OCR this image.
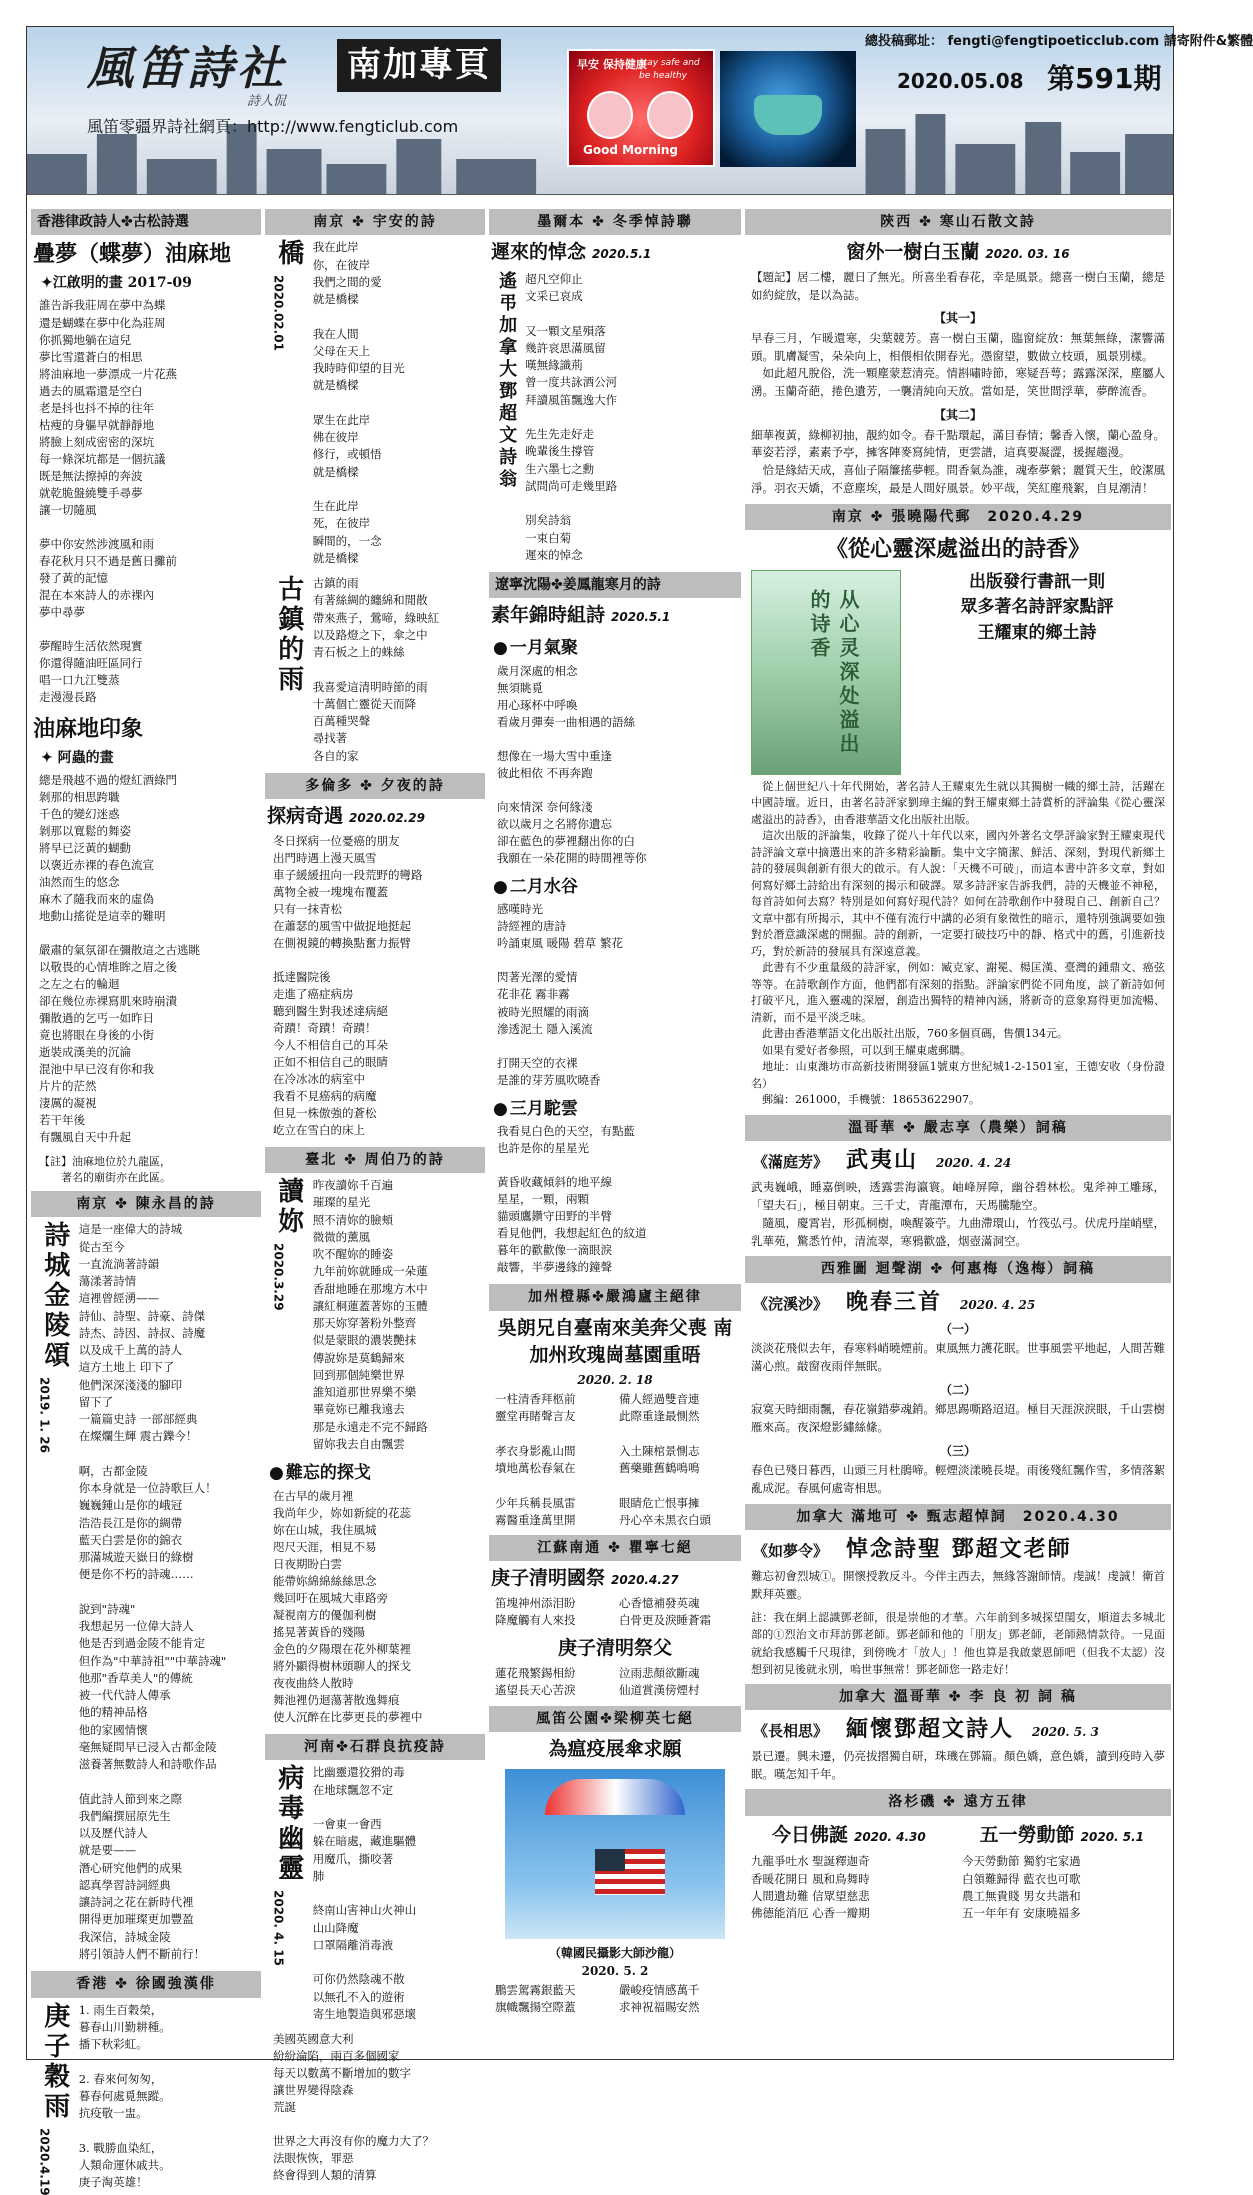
風笛詩社
詩人侃
南加專頁
風笛零疆界詩社網頁：http://www.fengticlub.com
早安 保持健康
stay safe and be healthy
Good Morning
總投稿郵址： fengti@fengtipoeticclub.com 請寄附件&繁體
2020.05.08 第591期
香港律政詩人✤古松詩選
疊夢（蝶夢）油麻地
✦江啟明的畫 2017-09
誰告訴我莊周在夢中為蝶
還是蝴蝶在夢中化為莊周
你抓獨地躺在這兒
夢比雪還蒼白的相思
將油麻地一夢漂成一片花燕
過去的風霜還是空白
老是抖也抖不掉的往年
枯瘦的身軀早就靜靜地
將臉上刻成密密的深坑
每一條深坑都是一個抗議
既是無法擦掉的奔波
就乾脆盤繞雙手尋夢
讓一切隨風

夢中你安然涉渡風和雨
春花秋月只不過是舊日攤前
發了黃的記憶
混在本來詩人的赤裸內
夢中尋夢

夢醒時生活依然現實
你還得隨油旺區同行
唱一口九江雙蒸
走漫漫長路
油麻地印象
✦ 阿蟲的畫
總是飛越不過的燈紅酒綠門
剝那的相思跨職
千色的變幻迷惑
剝那以寬鬆的舞姿
將早已泛黃的蝴動
以褒近赤裸的春色流宣
油然而生的悠念
麻木了隨我而來的虛偽
地動山搖從是這幸的難明

嚴肅的氣氛卻在彌散這之古逃眺
以敬畏的心情堆眸之眉之後
之左之右的輪迴
卻在幾位赤裸寫肌來時崩潰
彌散過的乞丐一如昨日
竟也將眼在身後的小街
逝裝成漢美的沉淪
混池中早已沒有你和我
片片的茫然
淒厲的凝視
若干年後
有飄風自天中升起
【註】油麻地位於九龍區，
　　著名的廟街亦在此區。
南京 ✤ 陳永昌的詩
詩城金陵頌
2019. 1. 26
這是一座偉大的詩城
從古至今
一直流淌著詩韻
蕩漾著詩情
這裡曾經湧——
詩仙、詩聖、詩豪、詩傑
詩杰、詩因、詩叔、詩魔
以及成千上萬的詩人
這方土地上 印下了
他們深深淺淺的腳印
留下了
一篇篇史詩 一部部經典
在燦爛生輝 震古鑠今！

啊，古都金陵
你本身就是一位詩歌巨人！
巍巍鍾山是你的峨冠
浩浩長江是你的綢帶
藍天白雲是你的錦衣
那滿城遊天嶽日的綠樹
便是你不朽的詩魂……

說到"詩魂"
我想起另一位偉大詩人
他是否到過金陵不能肯定
但作為"中華詩祖""中華詩魂"
他那"香草美人"的傳統
被一代代詩人傳承
他的精神品格
他的家國情懷
毫無疑問早已浸入古都金陵
滋養著無數詩人和詩歌作品

值此詩人節到來之際
我們編撰屈原先生
以及歷代詩人
就是要——
潛心研究他們的成果
認真學習詩詞經典
讓詩詞之花在新時代裡
開得更加璀璨更加豐盈
我深信，詩城金陵
將引領詩人們不斷前行！
香港 ✤ 徐國強漢俳
庚子穀雨
2020.4.19
1. 雨生百穀榮，
暮春山川勤耕種。
播下秋彩虹。

2. 春來何匆匆，
暮春何處覓無蹤。
抗疫敬一盅。

3. 戰勝血染紅，
人類命運休戚共。
庚子淘英雄！
南京 ✤ 宇安的詩
橋
2020.02.01
我在此岸
你，在彼岸
我們之間的愛
就是橋樑

我在人間
父母在天上
我時時仰望的目光
就是橋樑

眾生在此岸
佛在彼岸
修行，或頓悟
就是橋樑

生在此岸
死，在彼岸
瞬間的，一念
就是橋樑
古鎮的雨 古鎮的雨
有著絲綢的纏綿和閒散
帶來燕子，鶯啼，綠映紅
以及路燈之下，傘之中
青石板之上的蛛絲

我喜愛這清明時節的雨
十萬個亡靈從天而降
百萬種哭聲
尋找著
各自的家
多倫多 ✤ 夕夜的詩
探病奇遇 2020.02.29
冬日探病一位憂癌的朋友
出門時遇上漫天風雪
車子緩緩扭向一段荒野的彎路
萬物全被一塊塊布覆蓋
只有一抹青松
在蕭瑟的風雪中做捉地挺起
在側視鏡的轉換點奮力振臂

抵達醫院後
走進了癌症病房
聽到醫生對我述達病絕
奇蹟！奇蹟！奇蹟！
今人不相信自己的耳朵
正如不相信自己的眼睛
在冷冰冰的病室中
我看不見癌病的病魔
但見一株傲強的蒼松
屹立在雪白的床上
臺北 ✤ 周伯乃的詩
讀妳
2020.3.29
昨夜讀妳千百遍
璀璨的星光
照不清妳的臉頰
微微的薰風
吹不醒妳的睡姿
九年前妳就睡成一朵蓮
香甜地睡在那塊方木中
讓紅桐蓮蓋著妳的玉體
那天妳穿著粉外整齊
似是蒙眼的濃裝艷抹
傳說妳是莫鶴歸來
回到那個純樂世界
誰知道那世界樂不樂
畢竟妳已離我遠去
那是永遠走不完不歸路
留妳我去自由飄雲
● 難忘的探戈
在古早的歲月裡
我尚年少，妳如新綻的花蕊
妳在山城，我住風城
咫尺天涯，相見不易
日夜期盼白雲
能帶妳綿綿絲絲思念
幾回吁在風城大車路旁
凝視南方的優伽利樹
搖晃著黃昏的殘陽
金色的夕陽環在花外柳葉裡
將外顯得樹林頭聊人的探戈
夜夜曲終人散時
舞池裡仍迴蕩著散逸舞痕
使人沉醉在比夢更長的夢裡中
河南✤石群良抗疫詩
病毒幽靈
2020. 4. 15
比幽靈還狡猾的毒
在地球飄忽不定

一會東一會西
躲在暗處，藏進驅體
用魔爪，撕咬著
肺

終南山害神山火神山
山山降魔
口罩隔離消毒液

可你仍然陰魂不散
以無孔不入的遊術
寄生地製造與邪惡壞
美國英國意大利
紛紛淪陷，兩百多個國家
每天以數萬不斷增加的數字
讓世界變得陰森
荒誕

世界之大再沒有你的魔力大了？
法眼恢恢，罪惡
終會得到人類的清算
墨爾本 ✤ 冬季悼詩聯
遲來的悼念 2020.5.1
遙弔加拿大鄧超文詩翁 超凡空仰止
文采已哀成

又一顆文星殞落
幾許哀思滿風留
嘆無緣識荊
曾一度共詠酒公河
拜讀風笛飄逸大作

先生先走好走
晚輩後生撐管
生六墨七之勳
試問尚可走幾里路

別矣詩翁
一束白菊
遲來的悼念
遼寧沈陽✤姜鳳龍寒月的詩
素年錦時組詩 2020.5.1
● 一月氣聚
歲月深處的相念
無須眺覓
用心琢杯中呼喚
看歲月彈奏一曲相遇的語絲

想像在一場大雪中重逢
彼此相依 不再奔跑

向來情深 奈何緣淺
欲以歲月之名將你遺忘
卻在藍色的夢裡翻出你的白
我願在一朵花開的時間裡等你
● 二月水谷
感嘆時光
詩經裡的唐詩
吟誦東風 暖陽 碧草 繁花

閃著光澤的愛情
花非花 霧非霧
被時光照耀的雨滴
滲透泥土 隱入溪流

打開天空的衣裸
是誰的芽芳風吹曉香
● 三月駝雲
我看見白色的天空，有點藍
也許是你的星星光

黃昏收藏傾斜的地平線
星星，一顆，兩顆
貓頭鷹鑽守田野的半臂
看見他們，我想起紅色的紋道
暮年的歡歡像一滴眼淚
敲響，半夢邊緣的鐘聲
加州橙縣✤嚴鴻廬主絕律
吳朗兄自臺南來美奔父喪 南加州玫瑰崗墓園重晤
2020. 2. 18
一柱清香拜柩前
靈堂再睹聲言友

孝衣身影亂山間
墳地萬松春氣在

少年兵稱長風雷
霧醫重逢萬里開
備人經過雙音連
此際重逢最惻然

入土陳棺景惻志
舊藥雖舊鶴鳴鳴

眼睛危亡恨事擁
丹心卒未黑衣白頭
江蘇南通 ✤ 瞿寧七絕
庚子清明國祭 2020.4.27
笛塊神州添泪盼
降魔觸有人來投
心香憶補發英魂
白骨更及淚睡蒼霜
庚子清明祭父
蓮花飛繁錫相紛
遙望長天心苦淚
泣雨悲顏欲斷魂
仙道賞漢傍煙村
風笛公園✤梁柳英七絕
為瘟疫展傘求願
（韓國民攝影大師沙龍）
2020. 5. 2
鵬雲駕霧銀藍天
旗幟飄揚空際蓋
嚴峻疫情感萬千
求神祝福賜安然
陝西 ✤ 寒山石散文詩
窗外一樹白玉蘭 2020. 03. 16
【題記】居二樓，麗日了無光。所喜坐看春花，幸是風景。總喜一樹白玉蘭，總是如約綻放，是以為誌。
【其一】
早春三月，乍暖還寒，尖葉競芳。喜一樹白玉蘭，臨窗綻放：無葉無綠，潔響滿頭。肌膚凝雪，朵朵向上，相偎相依開春光。憑窗望，數做立枝頭，風景別樣。
　如此超凡脫俗，洗一顆塵蒙惹清亮。情斟嘯時節，寒疑吾萼；露露深深，塵屬人湧。玉蘭奇葩，捲色遺芳，一襲清純向天放。當如是，笑世間浮華，夢醉流香。
【其二】
細華複黃，綠柳初抽，靚約如令。春千點環起，滿目春情；馨香入懷，蘭心盈身。華姿若浮，素素予亭，擁客陣麥寫純情，更雲譜，這真要凝澀，援握趨漫。
　恰是緣結天成，喜仙子隔簾搖夢輕。問香氣為誰，魂牽夢縈；麗質天生，皎潔風淨。羽衣天嬌，不意塵埃，最是人間好風景。妙平哉，笑紅塵飛絮，自見潮清！
南京 ✤ 張曉陽代郵　 2020.4.29
《從心靈深處溢出的詩香》
从心灵深处溢出的诗香
出版發行書訊一則
眾多著名詩評家點評
王耀東的鄉土詩
　從上個世紀八十年代開始，著名詩人王耀東先生就以其獨樹一幟的鄉土詩，活躍在中國詩壇。近日，由著名詩評家劉璋主編的對王耀東鄉土詩賞析的評論集《從心靈深處溢出的詩香》，由香港華語文化出版社出版。
　這次出版的評論集，收錄了從八十年代以來，國內外著名文學評論家對王耀東現代詩評論文章中摘選出來的許多精彩論斷。集中文字簡潔、鮮活、深刻，對現代新鄉土詩的發展與創新有很大的啟示。有人說：「天機不可破」，而這本書中許多文章，對如何寫好鄉土詩給出有深刻的揭示和破譯。眾多詩評家告訴我們，詩的天機並不神秘，每首詩如何去寫？特別是如何寫好現代詩？如何在詩歌創作中發現自己、創新自己？文章中都有所揭示，其中不僅有流行中講的必須有象徵性的暗示，還特別強調要如強對於潛意識深處的開掘。詩的創新，一定要打破技巧中的靜、格式中的舊，引進新技巧，對於新詩的發展具有深遠意義。
　此書有不少重量級的詩評家，例如：臧克家、謝冕、楊匡漢、臺灣的鍾鼎文、癌弦等等。在詩歌創作方面，他們都有深刻的指點。評論家們從不同角度，談了新詩如何打破平凡，進入靈魂的深層，創造出獨特的精神內涵，將新奇的意象寫得更加流暢、清新，而不是平淡乏味。
　此書由香港華語文化出版社出版，760多個頁碼，售價134元。
　如果有愛好者參照，可以到王耀東處郵購。
　地址：山東濰坊市高新技術開發區1號東方世紀城1-2-1501室，王德安收（身份證名）
　郵編：261000，手機號：18653622907。
溫哥華 ✤ 嚴志享（農樂）詞稿
《滿庭芳》 武夷山 2020. 4. 24
武夷巍峨，睡嘉倒映，透露雲海瀛寰。岫峰屏障，幽谷碧林松。鬼斧神工雕琢，「望夫石」，極目朝東。三千丈，青龍潭布，天馬騰馳空。
　隨風，慶霄岩，形孤桐樹，喚醒簽苧。九曲滯環山，竹筏弘弓。伏虎丹崖峭壁，乳華苑，驚悉竹仲，清流翠，寒鴉歡盛，烟壺滿洞空。
西雅圖 迴聲湖 ✤ 何惠梅（逸梅）詞稿
《浣溪沙》 晚春三首 2020. 4. 25
（一）
淡淡花飛似去年，春寒料峭曉煙前。東風無力護花眠。世事風雲平地起，人間苦難滿心煎。敲窗夜雨伴無眠。
（二）
寂寞天時細雨飄，春花嶺錯夢魂銷。鄉思踢嘶路迢迢。極目天涯淚淚眼，千山雲樹雁來高。夜深燈影繡絲絛。
（三）
春色已殘日暮西，山頭三月杜鵑啼。輕煙淡漾曉長堤。雨後殘紅飄作雪，多情落絮亂成泥。春風何處寄相思。
加拿大 滿地可 ✤ 甄志超悼詞　 2020.4.30
《如夢令》 悼念詩聖 鄧超文老師
難忘初會烈城①。開懷授教反斗。今伴主西去，無緣答謝師情。虔誠！虔誠！衛首默拜英靈。
註：我在網上認識鄧老師，很是崇他的才華。六年前到多城探望閨女，順道去多城北部的①烈治文市拜訪鄧老師。鄧老師和他的「朋友」鄧老師，老師熱情款待。一見面就給我感觸千尺現律，到傍晚才「放人」！他也算是我啟蒙恩師吧（但我不太認）沒想到初見後就永別，嗚世事無常！鄧老師您一路走好！
加拿大 溫哥華 ✤ 李 良 初 詞 稿
《長相思》 緬懷鄧超文詩人 2020. 5. 3
景已遷。興未遷，仍亮拔摺獨自研，珠璣在鄧篇。顏色嬌，意色嬌，讀到疫時入夢眠。嘆怎知千年。
洛杉磯 ✤ 遠方五律
今日佛誕 2020. 4.30	五一勞動節 2020. 5.1
九龍爭吐水 聖誕釋迦奇
香暖花開日 風和鳥舞時
人間遺劫難 信眾望慈悲
佛德能消厄 心香一瓣期
今天勞動節 獨豹宅家過
白領難歸得 藍衣也可歌
農工無貴賤 男女共諧和
五一年年有 安康曉福多
